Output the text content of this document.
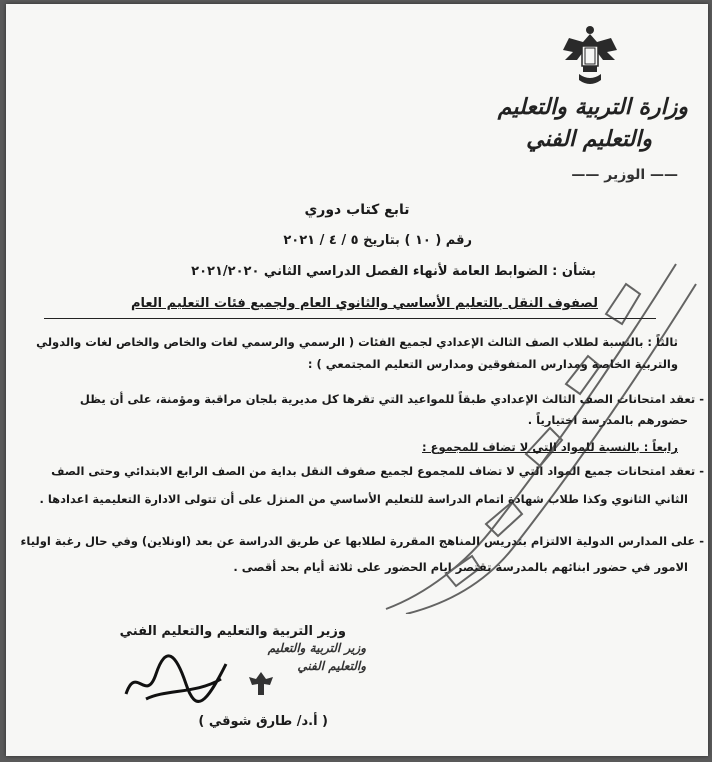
وزارة التربية والتعليم
والتعليم الفني
—— الوزير ——
تابع كتاب دوري
رقم ( ١٠ ) بتاريخ ٥ / ٤ / ٢٠٢١
بشأن : الضوابط العامة لأنهاء الفصل الدراسي الثاني ٢٠٢١/٢٠٢٠
لصفوف النقل بالتعليم الأساسي والثانوي العام ولجميع فئات التعليم العام
ثالثاً : بالنسبة لطلاب الصف الثالث الإعدادي لجميع الفئات ( الرسمي والرسمي لغات والخاص والخاص لغات والدولي
والتربية الخاصة ومدارس المتفوقين ومدارس التعليم المجتمعي ) :
- تعقد امتحانات الصف الثالث الإعدادي طبقاً للمواعيد التي تقرها كل مديرية بلجان مراقبة ومؤمنة، على أن يظل
حضورهم بالمدرسة اختيارياً .
رابعاً : بالنسبة للمواد التي لا تضاف للمجموع :
- تعقد امتحانات جميع المواد التي لا تضاف للمجموع لجميع صفوف النقل بداية من الصف الرابع الابتدائي وحتى الصف
الثاني الثانوي وكذا طلاب شهادة اتمام الدراسة للتعليم الأساسي من المنزل على أن تتولى الادارة التعليمية اعدادها .
- على المدارس الدولية الالتزام بتدريس المناهج المقررة لطلابها عن طريق الدراسة عن بعد (اونلاين) وفي حال رغبة اولياء
الامور في حضور ابنائهم بالمدرسة تقتصر ايام الحضور على ثلاثة أيام بحد أقصى .
وزير التربية والتعليم والتعليم الفني
( أ.د/ طارق شوقي )
وزير التربية والتعليم والتعليم الفني
